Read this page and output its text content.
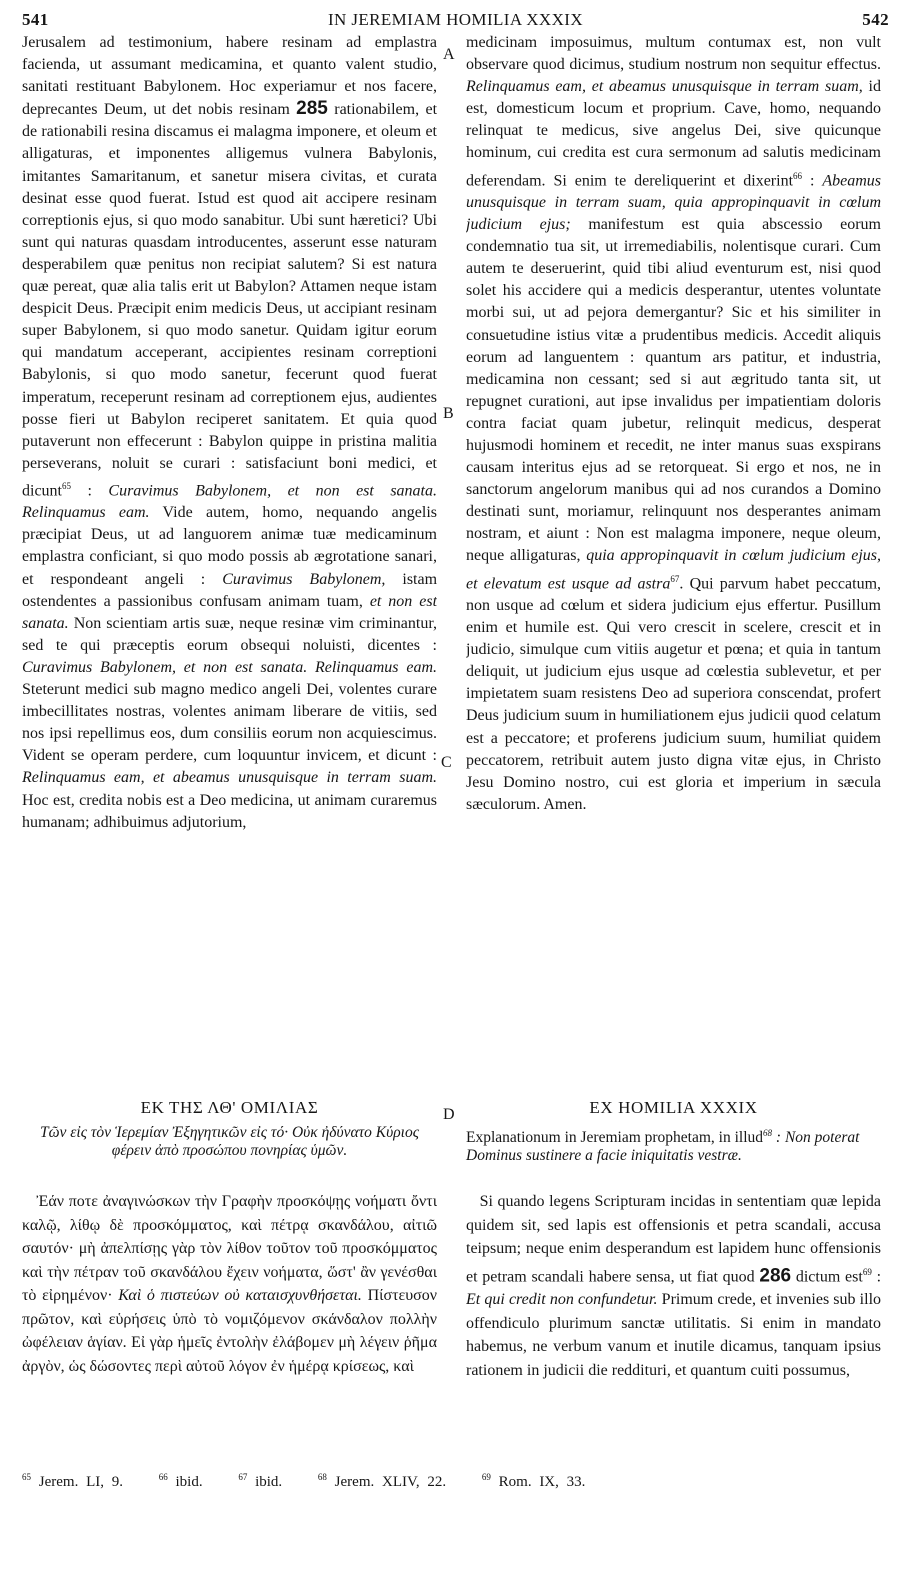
541	IN JEREMIAM HOMILIA XXXIX	542
A
B
C
D

Jerusalem ad testimonium, habere resinam ad emplastra facienda, ut assumant medicamina, et quanto valent studio, sanitati restituant Babylonem. Hoc experiamur et nos facere, deprecantes Deum, ut det nobis resinam 285 rationabilem, et de rationabili resina discamus ei malagma imponere, et oleum et alligaturas, et imponentes alligemus vulnera Babylonis, imitantes Samaritanum, et sanetur misera civitas, et curata desinat esse quod fuerat. Istud est quod ait accipere resinam correptionis ejus, si quo modo sanabitur. Ubi sunt hæretici? Ubi sunt qui naturas quasdam introducentes, asserunt esse naturam desperabilem quæ penitus non recipiat salutem? Si est natura quæ pereat, quæ alia talis erit ut Babylon? Attamen neque istam despicit Deus. Præcipit enim medicis Deus, ut accipiant resinam super Babylonem, si quo modo sanetur. Quidam igitur eorum qui mandatum acceperant, accipientes resinam correptioni Babylonis, si quo modo sanetur, fecerunt quod fuerat imperatum, receperunt resinam ad correptionem ejus, audientes posse fieri ut Babylon reciperet sanitatem. Et quia quod putaverunt non effecerunt : Babylon quippe in pristina malitia perseverans, noluit se curari : satisfaciunt boni medici, et dicunt$^{65}$ : Curavimus Babylonem, et non est sanata. Relinquamus eam. Vide autem, homo, nequando angelis præcipiat Deus, ut ad languorem animæ tuæ medicaminum emplastra conficiant, si quo modo possis ab ægrotatione sanari, et respondeant angeli : Curavimus Babylonem, istam ostendentes a passionibus confusam animam tuam, et non est sanata. Non scientiam artis suæ, neque resinæ vim criminantur, sed te qui præceptis eorum obsequi noluisti, dicentes : Curavimus Babylonem, et non est sanata. Relinquamus eam. Steterunt medici sub magno medico angeli Dei, volentes curare imbecillitates nostras, volentes animam liberare de vitiis, sed nos ipsi repellimus eos, dum consiliis eorum non acquiescimus. Vident se operam perdere, cum loquuntur invicem, et dicunt : Relinquamus eam, et abeamus unusquisque in terram suam. Hoc est, credita nobis est a Deo medicina, ut animam curaremus humanam; adhibuimus adjutorium,

medicinam imposuimus, multum contumax est, non vult observare quod dicimus, studium nostrum non sequitur effectus. Relinquamus eam, et abeamus unusquisque in terram suam, id est, domesticum locum et proprium. Cave, homo, nequando relinquat te medicus, sive angelus Dei, sive quicunque hominum, cui credita est cura sermonum ad salutis medicinam deferendam. Si enim te dereliquerint et dixerint$^{66}$ : Abeamus unusquisque in terram suam, quia appropinquavit in cœlum judicium ejus; manifestum est quia abscessio eorum condemnatio tua sit, ut irremediabilis, nolentisque curari. Cum autem te deseruerint, quid tibi aliud eventurum est, nisi quod solet his accidere qui a medicis desperantur, utentes voluntate morbi sui, ut ad pejora demergantur? Sic et his similiter in consuetudine istius vitæ a prudentibus medicis. Accedit aliquis eorum ad languentem : quantum ars patitur, et industria, medicamina non cessant; sed si aut ægritudo tanta sit, ut repugnet curationi, aut ipse invalidus per impatientiam doloris contra faciat quam jubetur, relinquit medicus, desperat hujusmodi hominem et recedit, ne inter manus suas exspirans causam interitus ejus ad se retorqueat. Si ergo et nos, ne in sanctorum angelorum manibus qui ad nos curandos a Domino destinati sunt, moriamur, relinquunt nos desperantes animam nostram, et aiunt : Non est malagma imponere, neque oleum, neque alligaturas, quia appropinquavit in cœlum judicium ejus, et elevatum est usque ad astra$^{67}$. Qui parvum habet peccatum, non usque ad cœlum et sidera judicium ejus effertur. Pusillum enim et humile est. Qui vero crescit in scelere, crescit et in judicio, simulque cum vitiis augetur et pœna; et quia in tantum deliquit, ut judicium ejus usque ad cœlestia sublevetur, et per impietatem suam resistens Deo ad superiora conscendat, profert Deus judicium suum in humiliationem ejus judicii quod celatum est a peccatore; et proferens judicium suum, humiliat quidem peccatorem, retribuit autem justo digna vitæ ejus, in Christo Jesu Domino nostro, cui est gloria et imperium in sæcula sæculorum. Amen.

ΕΚ ΤΗΣ ΛΘ' ΟΜΙΛΙΑΣ	EX HOMILIA XXXIX
Τῶν εἰς τὸν Ἱερεμίαν Ἐξηγητικῶν εἰς τό· Οὐκ ἠδύνατο Κύριος φέρειν ἀπὸ προσώπου πονηρίας ὑμῶν.
Explanationum in Jeremiam prophetam, in illud$^{68}$ : Non poterat Dominus sustinere a facie iniquitatis vestræ.
Ἐάν ποτε ἀναγινώσκων τὴν Γραφὴν προσκόψῃς νοήματι ὄντι καλῷ, λίθῳ δὲ προσκόμματος, καὶ πέτρᾳ σκανδάλου, αἰτιῶ σαυτόν· μὴ ἀπελπίσῃς γὰρ τὸν λίθον τοῦτον τοῦ προσκόμματος καὶ τὴν πέτραν τοῦ σκανδάλου ἔχειν νοήματα, ὥστ' ἂν γενέσθαι τὸ εἰρημένον· Καὶ ὁ πιστεύων οὐ καταισχυνθήσεται. Πίστευσον πρῶτον, καὶ εὑρήσεις ὑπὸ τὸ νομιζόμενον σκάνδαλον πολλὴν ὠφέλειαν ἁγίαν. Εἰ γὰρ ἡμεῖς ἐντολὴν ἐλάβομεν μὴ λέγειν ῥῆμα ἀργὸν, ὡς δώσοντες περὶ αὐτοῦ λόγον ἐν ἡμέρᾳ κρίσεως, καὶ
Si quando legens Scripturam incidas in sententiam quæ lepida quidem sit, sed lapis est offensionis et petra scandali, accusa teipsum; neque enim desperandum est lapidem hunc offensionis et petram scandali habere sensa, ut fiat quod 286 dictum est$^{69}$ : Et qui credit non confundetur. Primum crede, et invenies sub illo offendiculo plurimum sanctæ utilitatis. Si enim in mandato habemus, ne verbum vanum et inutile dicamus, tanquam ipsius rationem in judicii die reddituri, et quantum cuiti possumus,
$^{65}$ Jerem. LI, 9.	$^{66}$ ibid.	$^{67}$ ibid.	$^{68}$ Jerem. XLIV, 22.	$^{69}$ Rom. IX, 33.
